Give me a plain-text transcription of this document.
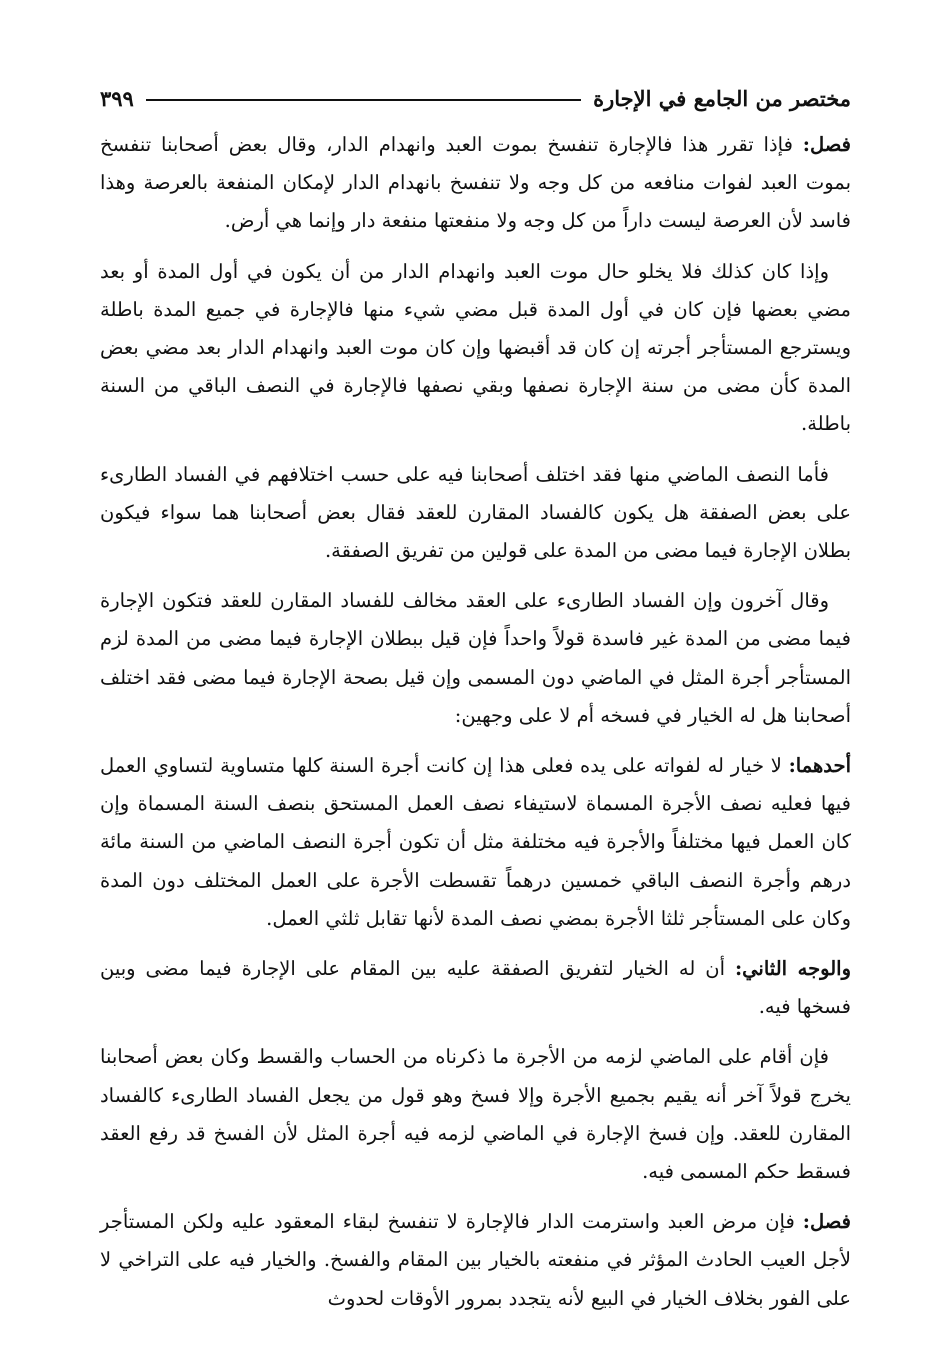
مختصر من الجامع في الإجارة
٣٩٩

فصل: فإذا تقرر هذا فالإجارة تنفسخ بموت العبد وانهدام الدار، وقال بعض أصحابنا تنفسخ بموت العبد لفوات منافعه من كل وجه ولا تنفسخ بانهدام الدار لإمكان المنفعة بالعرصة وهذا فاسد لأن العرصة ليست داراً من كل وجه ولا منفعتها منفعة دار وإنما هي أرض.

وإذا كان كذلك فلا يخلو حال موت العبد وانهدام الدار من أن يكون في أول المدة أو بعد مضي بعضها فإن كان في أول المدة قبل مضي شيء منها فالإجارة في جميع المدة باطلة ويسترجع المستأجر أجرته إن كان قد أقبضها وإن كان موت العبد وانهدام الدار بعد مضي بعض المدة كأن مضى من سنة الإجارة نصفها وبقي نصفها فالإجارة في النصف الباقي من السنة باطلة.

فأما النصف الماضي منها فقد اختلف أصحابنا فيه على حسب اختلافهم في الفساد الطارىء على بعض الصفقة هل يكون كالفساد المقارن للعقد فقال بعض أصحابنا هما سواء فيكون بطلان الإجارة فيما مضى من المدة على قولين من تفريق الصفقة.

وقال آخرون وإن الفساد الطارىء على العقد مخالف للفساد المقارن للعقد فتكون الإجارة فيما مضى من المدة غير فاسدة قولاً واحداً فإن قيل ببطلان الإجارة فيما مضى من المدة لزم المستأجر أجرة المثل في الماضي دون المسمى وإن قيل بصحة الإجارة فيما مضى فقد اختلف أصحابنا هل له الخيار في فسخه أم لا على وجهين:

أحدهما: لا خيار له لفواته على يده فعلى هذا إن كانت أجرة السنة كلها متساوية لتساوي العمل فيها فعليه نصف الأجرة المسماة لاستيفاء نصف العمل المستحق بنصف السنة المسماة وإن كان العمل فيها مختلفاً والأجرة فيه مختلفة مثل أن تكون أجرة النصف الماضي من السنة مائة درهم وأجرة النصف الباقي خمسين درهماً تقسطت الأجرة على العمل المختلف دون المدة وكان على المستأجر ثلثا الأجرة بمضي نصف المدة لأنها تقابل ثلثي العمل.

والوجه الثاني: أن له الخيار لتفريق الصفقة عليه بين المقام على الإجارة فيما مضى وبين فسخها فيه.

فإن أقام على الماضي لزمه من الأجرة ما ذكرناه من الحساب والقسط وكان بعض أصحابنا يخرج قولاً آخر أنه يقيم بجميع الأجرة وإلا فسخ وهو قول من يجعل الفساد الطارىء كالفساد المقارن للعقد. وإن فسخ الإجارة في الماضي لزمه فيه أجرة المثل لأن الفسخ قد رفع العقد فسقط حكم المسمى فيه.

فصل: فإن مرض العبد واسترمت الدار فالإجارة لا تنفسخ لبقاء المعقود عليه ولكن المستأجر لأجل العيب الحادث المؤثر في منفعته بالخيار بين المقام والفسخ. والخيار فيه على التراخي لا على الفور بخلاف الخيار في البيع لأنه يتجدد بمرور الأوقات لحدوث
